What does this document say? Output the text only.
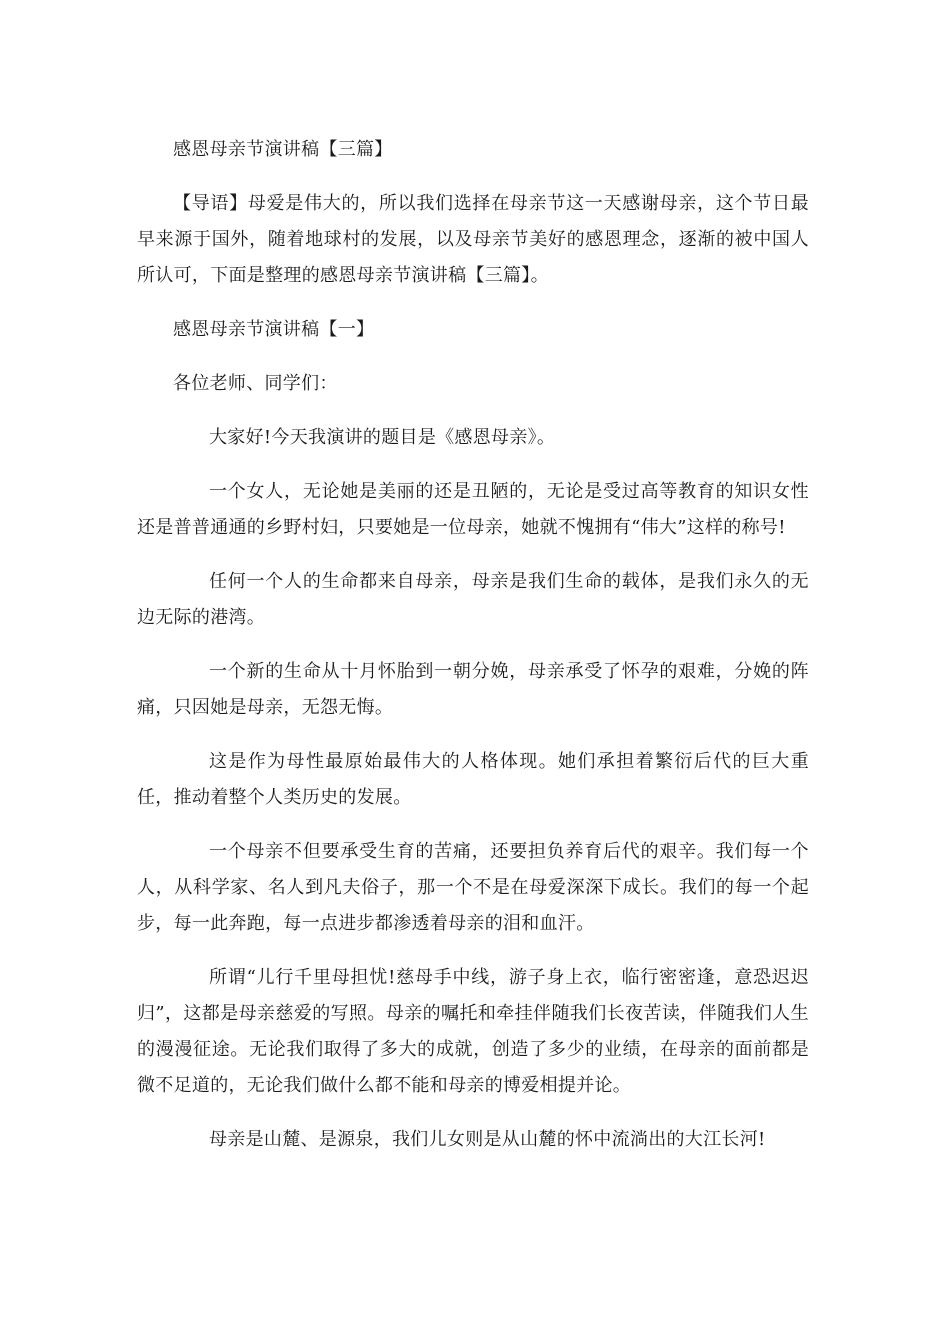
感恩母亲节演讲稿【三篇】

【导语】母爱是伟大的，所以我们选择在母亲节这一天感谢母亲，这个节日最早来源于国外，随着地球村的发展，以及母亲节美好的感恩理念，逐渐的被中国人所认可，下面是整理的感恩母亲节演讲稿【三篇】。

感恩母亲节演讲稿【一】

各位老师、同学们：

大家好!今天我演讲的题目是《感恩母亲》。

一个女人，无论她是美丽的还是丑陋的，无论是受过高等教育的知识女性还是普普通通的乡野村妇，只要她是一位母亲，她就不愧拥有“伟大”这样的称号!

任何一个人的生命都来自母亲，母亲是我们生命的载体，是我们永久的无边无际的港湾。

一个新的生命从十月怀胎到一朝分娩，母亲承受了怀孕的艰难，分娩的阵痛，只因她是母亲，无怨无悔。

这是作为母性最原始最伟大的人格体现。她们承担着繁衍后代的巨大重任，推动着整个人类历史的发展。

一个母亲不但要承受生育的苦痛，还要担负养育后代的艰辛。我们每一个人，从科学家、名人到凡夫俗子，那一个不是在母爱深深下成长。我们的每一个起步，每一此奔跑，每一点进步都渗透着母亲的泪和血汗。

所谓“儿行千里母担忧!慈母手中线，游子身上衣，临行密密逢，意恐迟迟归”，这都是母亲慈爱的写照。母亲的嘱托和牵挂伴随我们长夜苦读，伴随我们人生的漫漫征途。无论我们取得了多大的成就，创造了多少的业绩，在母亲的面前都是微不足道的，无论我们做什么都不能和母亲的博爱相提并论。

母亲是山麓、是源泉，我们儿女则是从山麓的怀中流淌出的大江长河!
